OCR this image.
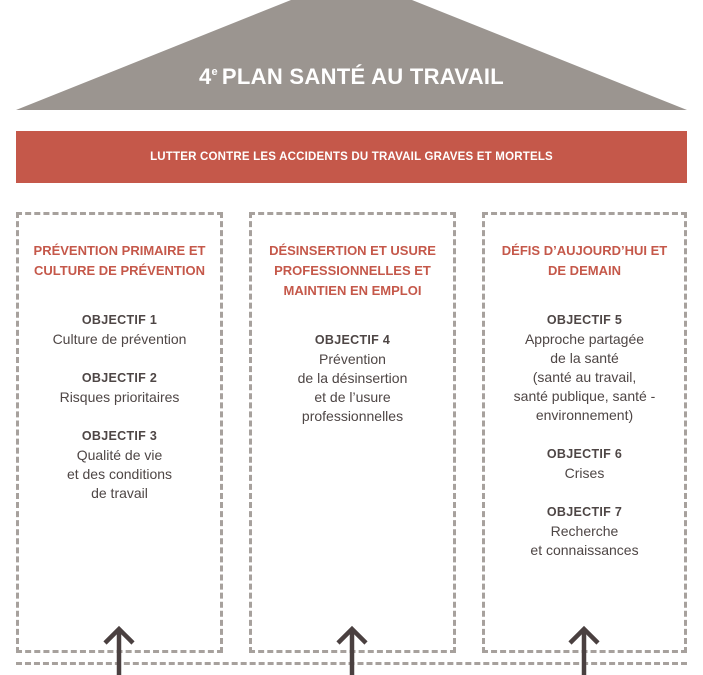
4e PLAN SANTÉ AU TRAVAIL
LUTTER CONTRE LES ACCIDENTS DU TRAVAIL GRAVES ET MORTELS
PRÉVENTION PRIMAIRE ET CULTURE DE PRÉVENTION
OBJECTIF 1
Culture de prévention
OBJECTIF 2
Risques prioritaires
OBJECTIF 3
Qualité de vie
et des conditions
de travail
DÉSINSERTION ET USURE PROFESSIONNELLES ET MAINTIEN EN EMPLOI
OBJECTIF 4
Prévention
de la désinsertion
et de l’usure
professionnelles
DÉFIS D’AUJOURD’HUI ET DE DEMAIN
OBJECTIF 5
Approche partagée
de la santé
(santé au travail,
santé publique, santé -
environnement)
OBJECTIF 6
Crises
OBJECTIF 7
Recherche
et connaissances
